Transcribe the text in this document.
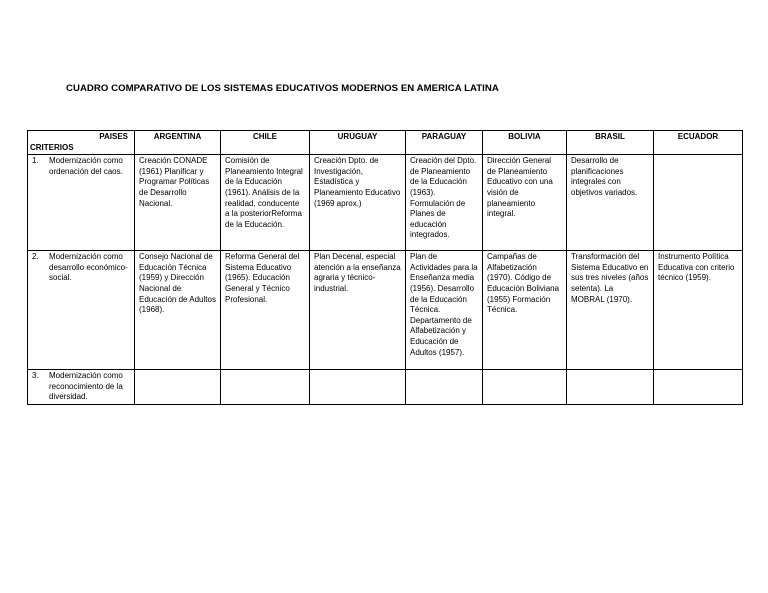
CUADRO COMPARATIVO DE LOS SISTEMAS EDUCATIVOS MODERNOS EN AMERICA LATINA
PAISES
CRITERIOS	ARGENTINA	CHILE	URUGUAY	PARAGUAY	BOLIVIA	BRASIL	ECUADOR

1. Modernización como ordenación del caos.	Creación CONADE (1961) Planificar y Programar Políticas de Desarrollo Nacional.	Comisión de Planeamiento Integral de la Educación (1961). Análisis de la realidad, conducente a la posteriorReforma de la Educación.	Creación Dpto. de Investigación, Estadística y Planeamiento Educativo (1969 aprox.)	Creación del Dpto. de Planeamiento de la Educación (1963). Formulación de Planes de educación integrados.	Dirección General de Planeamiento Educativo con una visión de planeamiento integral.	Desarrollo de planificaciones integrales con objetivos variados.	

2. Modernización como desarrollo económico-social.	Consejo Nacional de Educación Técnica (1959) y Dirección Nacional de Educación de Adultos (1968).	Reforma General del Sistema Educativo (1965). Educación General y Técnico Profesional.	Plan Decenal, especial atención a la enseñanza agraria y técnico-industrial.	Plan de Actividades para la Enseñanza media (1956). Desarrollo de la Educación Técnica. Departamento de Alfabetización y Educación de Adultos (1957).	Campañas de Alfabetización (1970). Código de Educación Boliviana (1955) Formación Técnica.	Transformación del Sistema Educativo en sus tres niveles (años setenta). La MOBRAL (1970).	Instrumento Política Educativa con criterio técnico (1959).

3. Modernización como reconocimiento de la diversidad.							
